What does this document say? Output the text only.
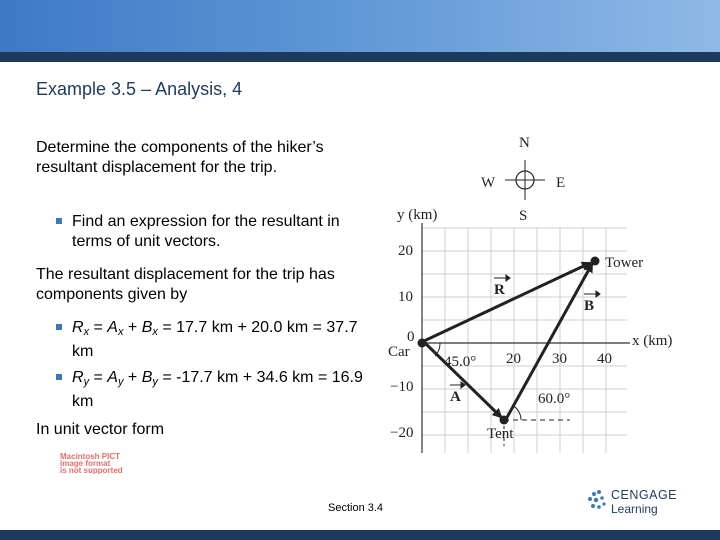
Example 3.5 – Analysis, 4
Determine the components of the hiker’s resultant displacement for the trip.
Find an expression for the resultant in terms of unit vectors.
The resultant displacement for the trip has components given by
$R_x = A_x + B_x = 17.7$ km + 20.0 km = 37.7 km
$R_y = A_y + B_y = -17.7$ km + 34.6 km = 16.9 km
In unit vector form
Macintosh PICT
image format
is not supported
N
S
E
W
y (km)
x (km)
20
10
0
−10
−20
20 30 40
R
B
A
Car
Tent
Tower
45.0°
60.0°
Section 3.4
CENGAGE
Learning
